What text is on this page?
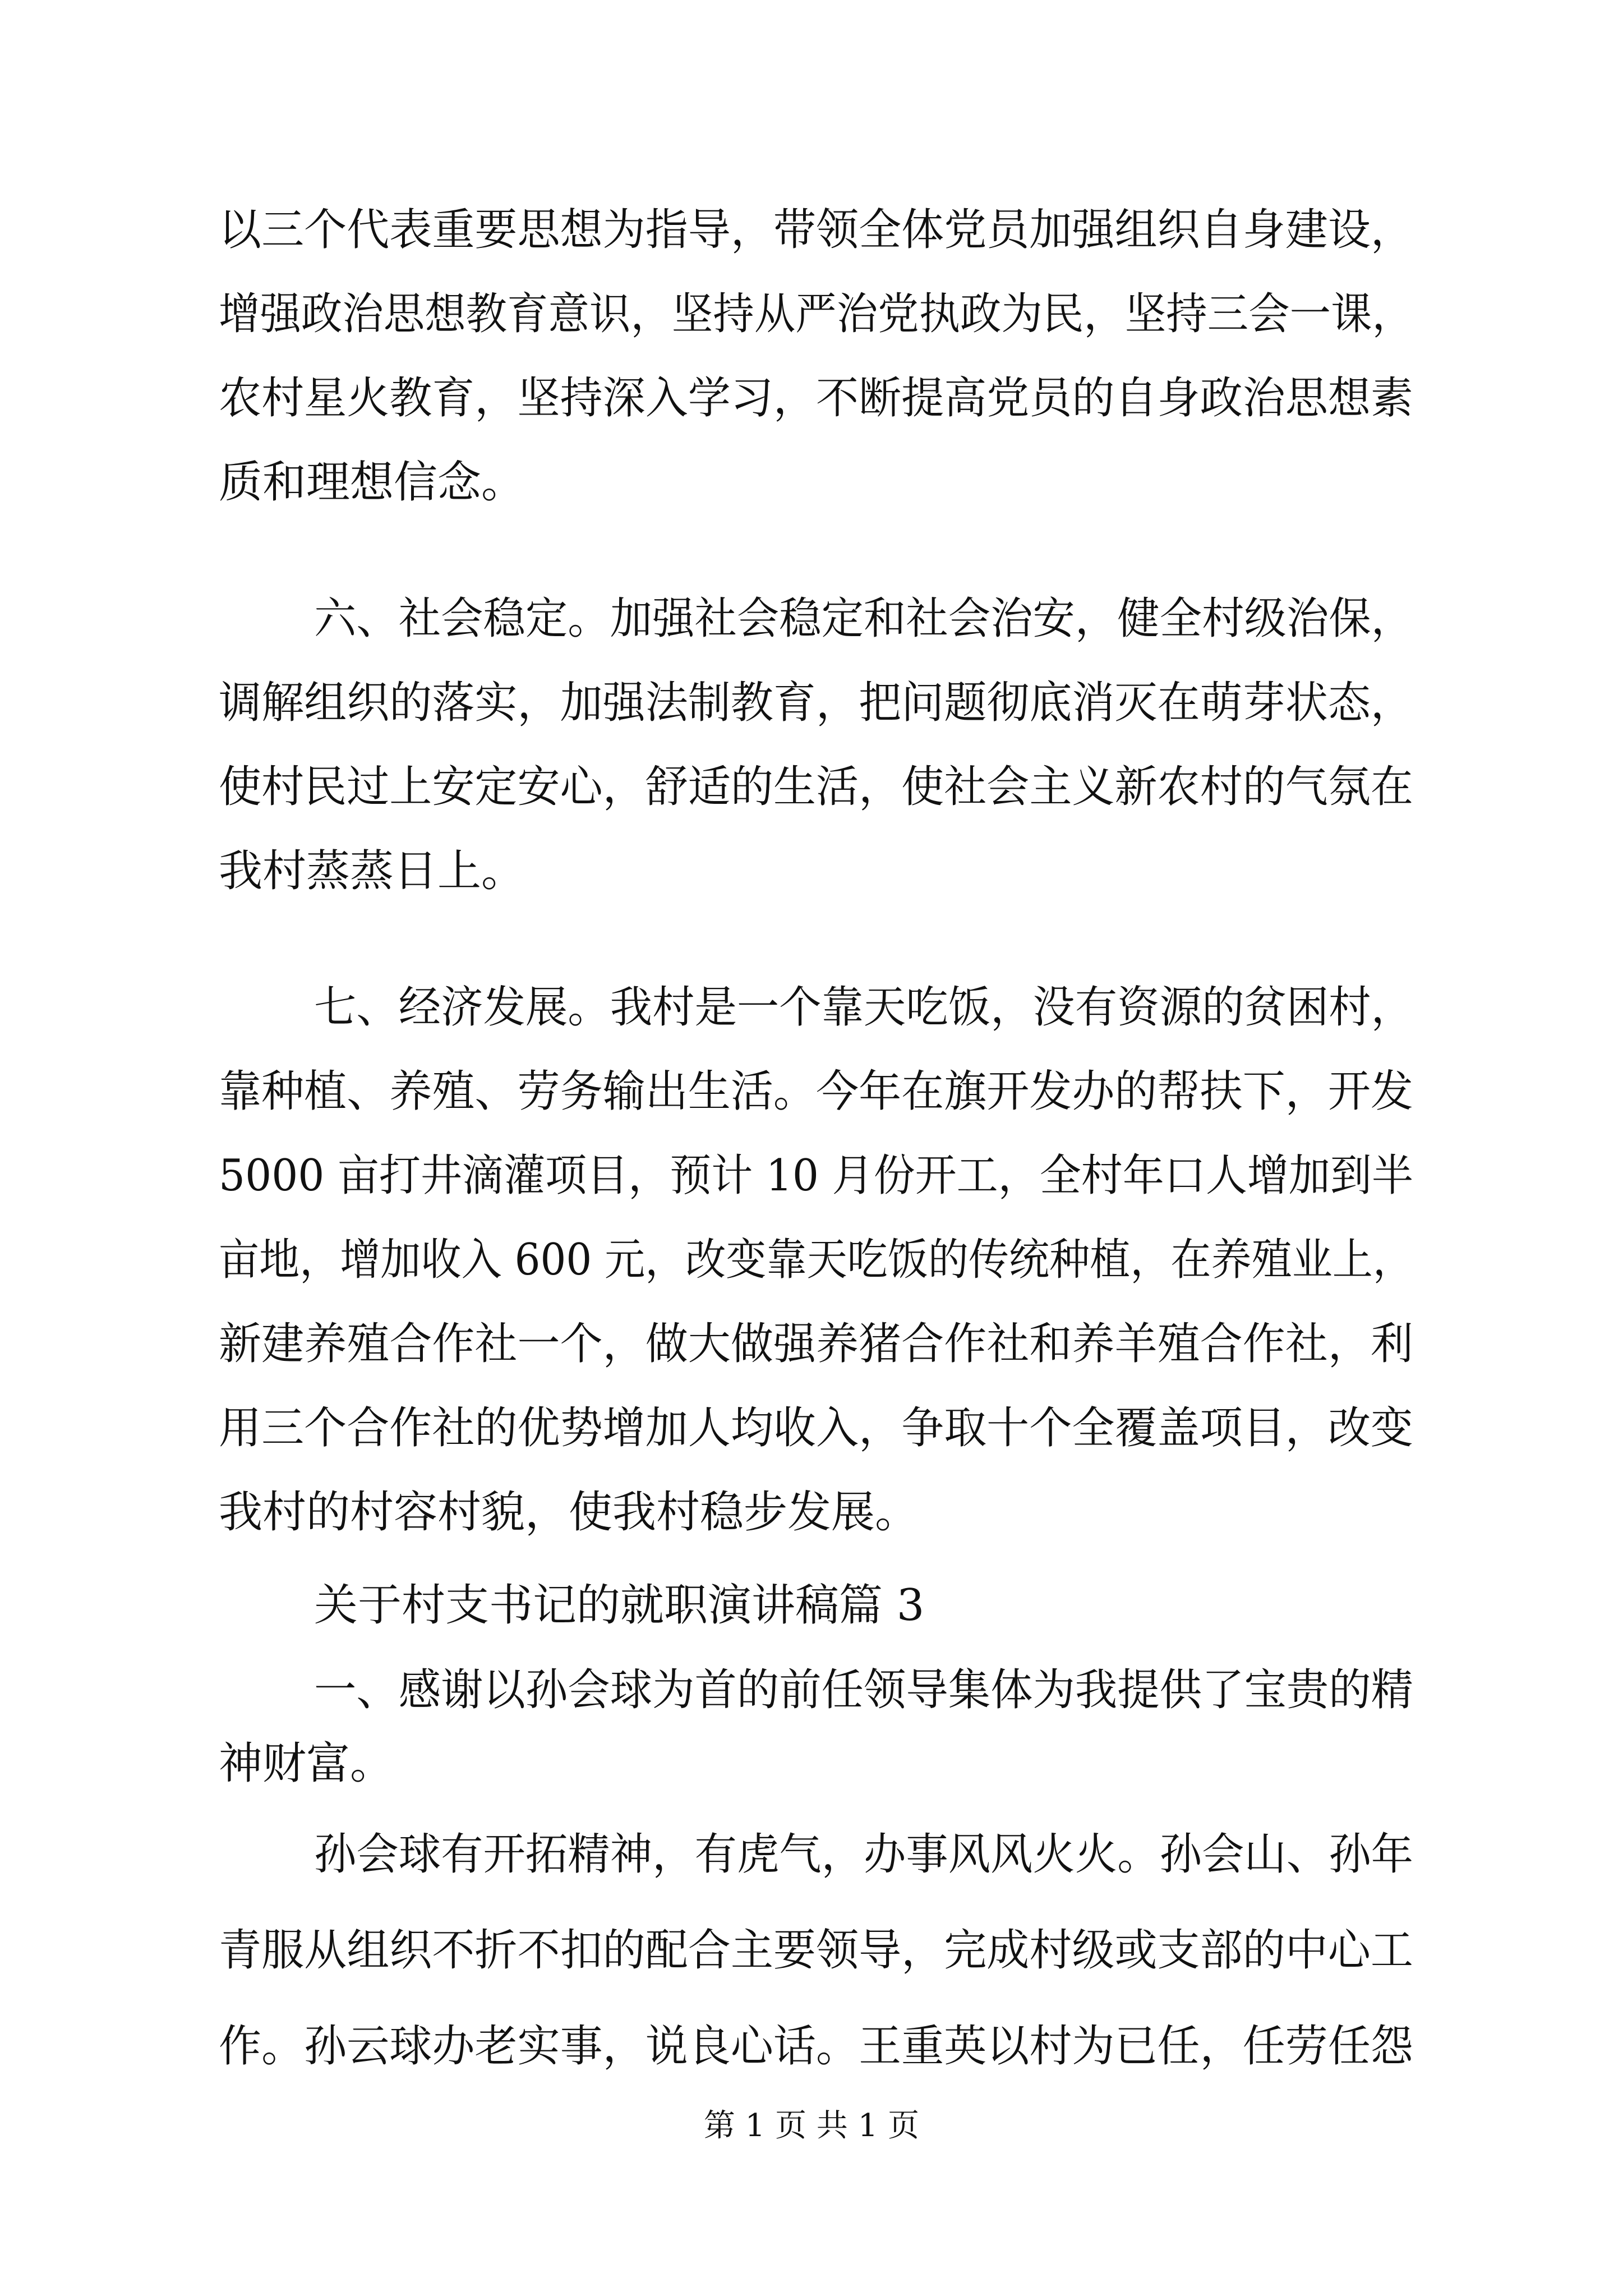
以三个代表重要思想为指导，带领全体党员加强组织自身建设，
增强政治思想教育意识，坚持从严治党执政为民，坚持三会一课，
农村星火教育，坚持深入学习，不断提高党员的自身政治思想素
质和理想信念。
六、社会稳定。加强社会稳定和社会治安，健全村级治保，
调解组织的落实，加强法制教育，把问题彻底消灭在萌芽状态，
使村民过上安定安心，舒适的生活，使社会主义新农村的气氛在
我村蒸蒸日上。
七、经济发展。我村是一个靠天吃饭，没有资源的贫困村，
靠种植、养殖、劳务输出生活。今年在旗开发办的帮扶下，开发
5000 亩打井滴灌项目，预计 10 月份开工，全村年口人增加到半
亩地，增加收入 600 元，改变靠天吃饭的传统种植，在养殖业上，
新建养殖合作社一个，做大做强养猪合作社和养羊殖合作社，利
用三个合作社的优势增加人均收入，争取十个全覆盖项目，改变
我村的村容村貌，使我村稳步发展。
关于村支书记的就职演讲稿篇 3
一、感谢以孙会球为首的前任领导集体为我提供了宝贵的精
神财富。
孙会球有开拓精神，有虎气，办事风风火火。孙会山、孙年
青服从组织不折不扣的配合主要领导，完成村级或支部的中心工
作。孙云球办老实事，说良心话。王重英以村为已任，任劳任怨
第 1 页 共 1 页
